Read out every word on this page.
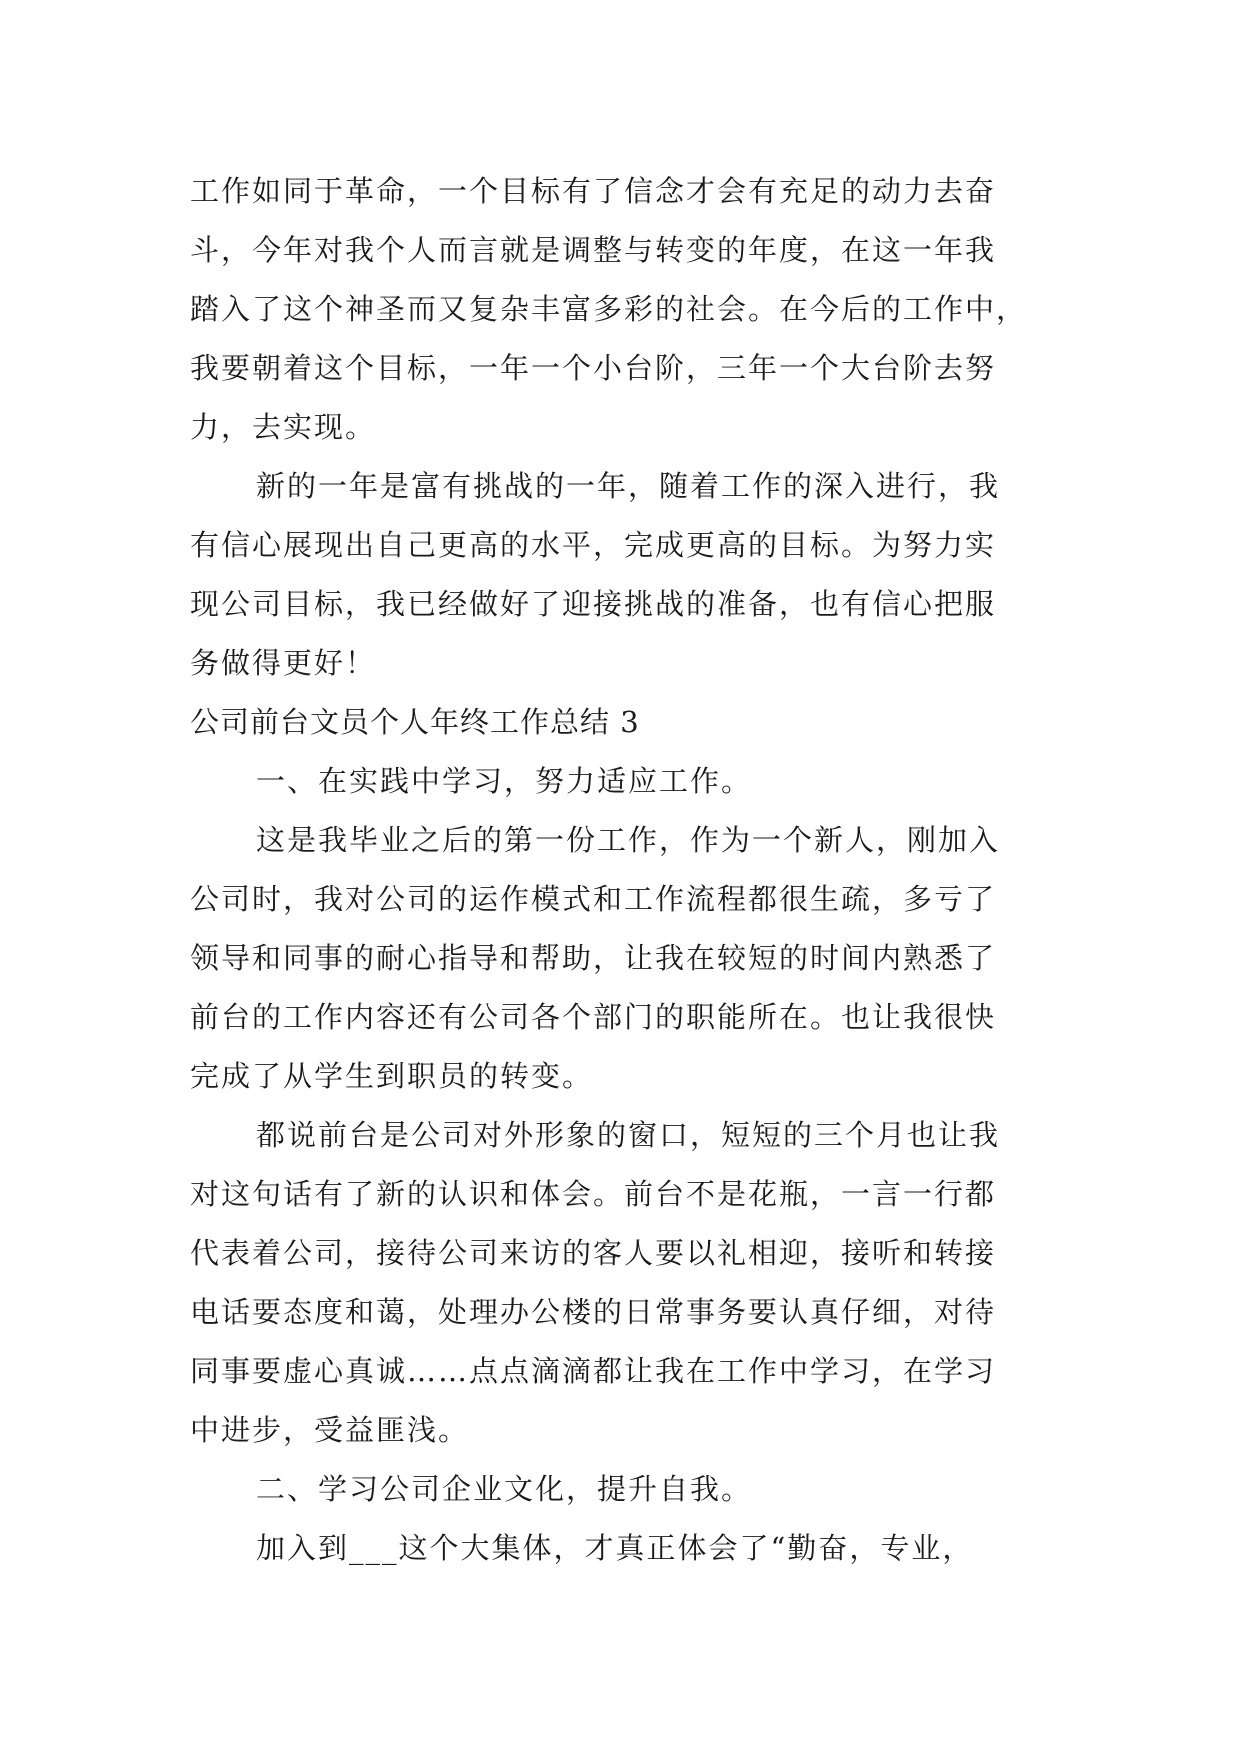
工作如同于革命，一个目标有了信念才会有充足的动力去奋
斗，今年对我个人而言就是调整与转变的年度，在这一年我
踏入了这个神圣而又复杂丰富多彩的社会。在今后的工作中，
我要朝着这个目标，一年一个小台阶，三年一个大台阶去努
力，去实现。
新的一年是富有挑战的一年，随着工作的深入进行，我
有信心展现出自己更高的水平，完成更高的目标。为努力实
现公司目标，我已经做好了迎接挑战的准备，也有信心把服
务做得更好！
公司前台文员个人年终工作总结 3
一、在实践中学习，努力适应工作。
这是我毕业之后的第一份工作，作为一个新人，刚加入
公司时，我对公司的运作模式和工作流程都很生疏，多亏了
领导和同事的耐心指导和帮助，让我在较短的时间内熟悉了
前台的工作内容还有公司各个部门的职能所在。也让我很快
完成了从学生到职员的转变。
都说前台是公司对外形象的窗口，短短的三个月也让我
对这句话有了新的认识和体会。前台不是花瓶，一言一行都
代表着公司，接待公司来访的客人要以礼相迎，接听和转接
电话要态度和蔼，处理办公楼的日常事务要认真仔细，对待
同事要虚心真诚……点点滴滴都让我在工作中学习，在学习
中进步，受益匪浅。
二、学习公司企业文化，提升自我。
加入到___这个大集体，才真正体会了“勤奋，专业，
